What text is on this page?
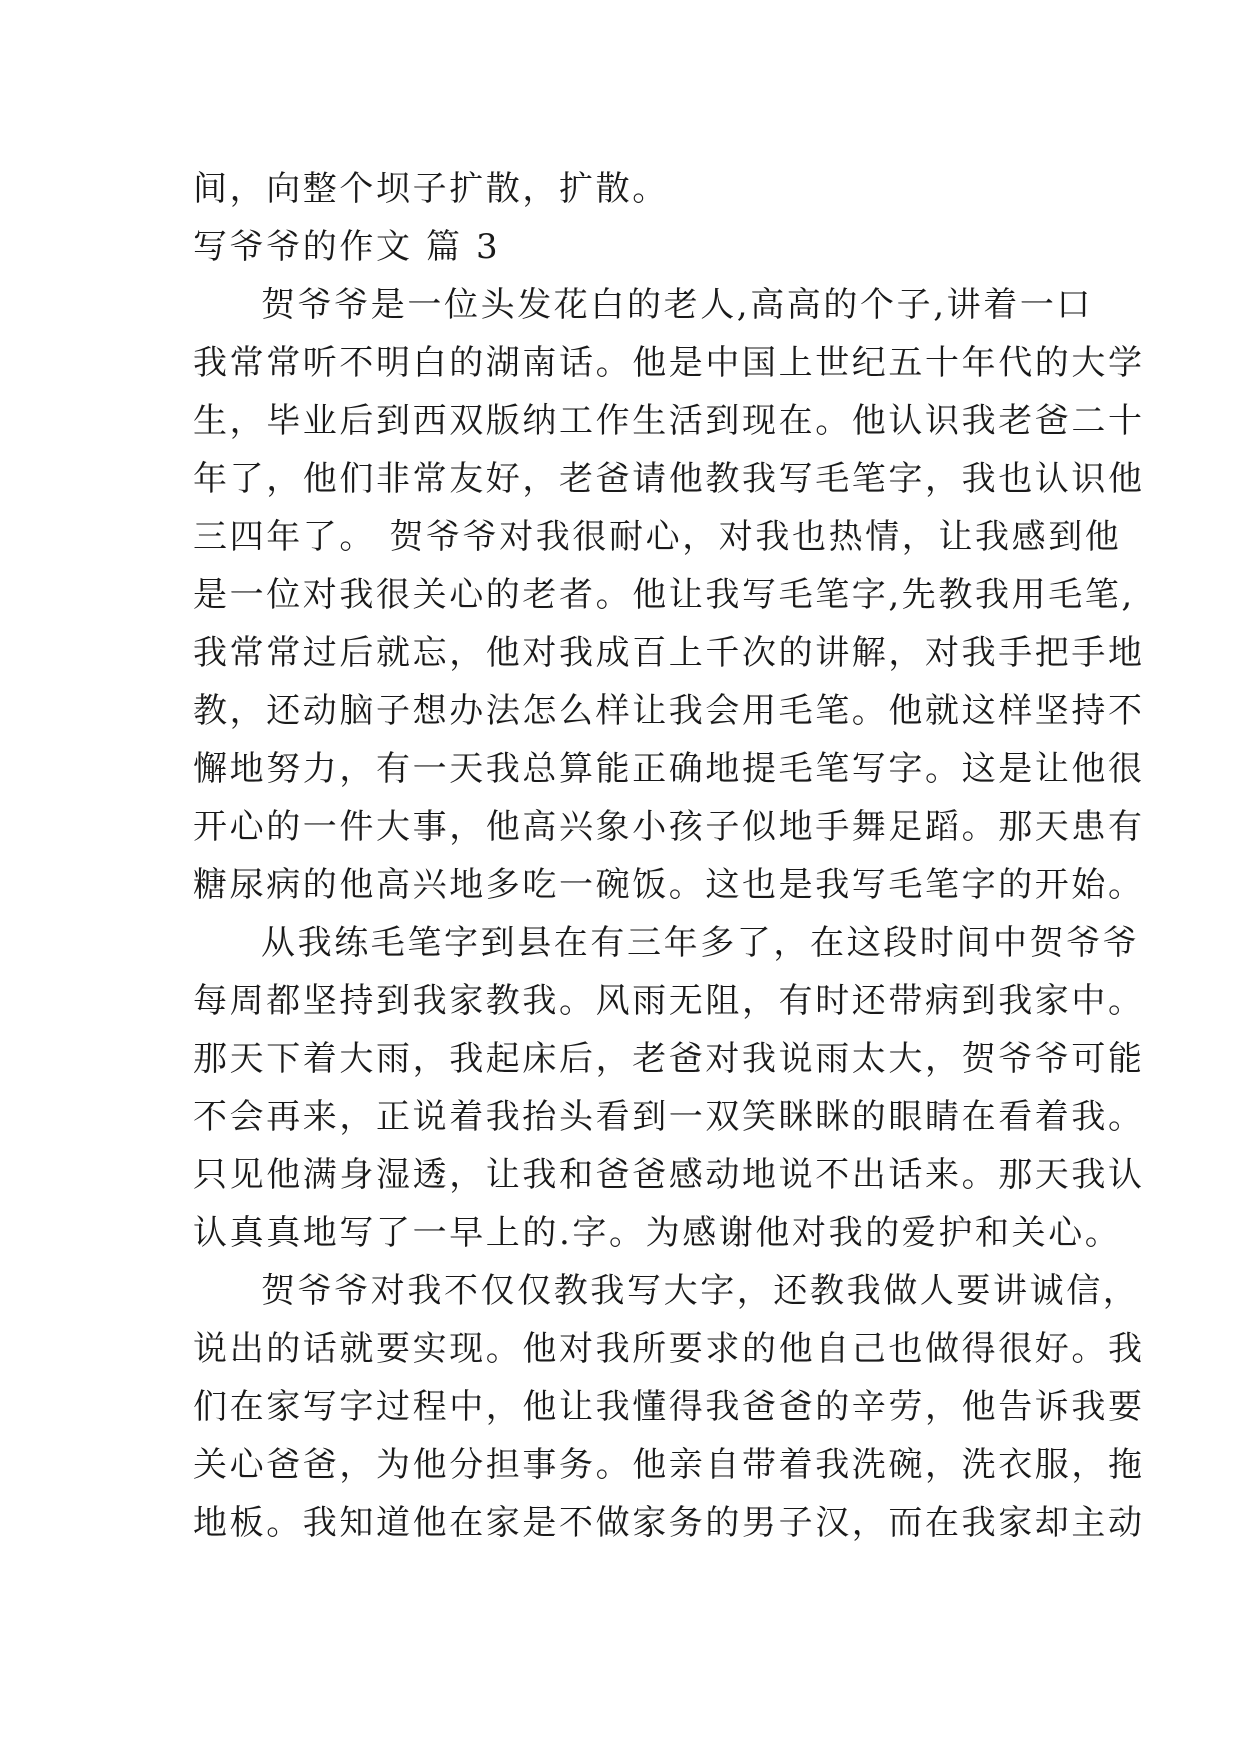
间，向整个坝子扩散，扩散。
写爷爷的作文 篇 3
贺爷爷是一位头发花白的老人,高高的个子,讲着一口
我常常听不明白的湖南话。他是中国上世纪五十年代的大学
生，毕业后到西双版纳工作生活到现在。他认识我老爸二十
年了，他们非常友好，老爸请他教我写毛笔字，我也认识他
三四年了。 贺爷爷对我很耐心，对我也热情，让我感到他
是一位对我很关心的老者。他让我写毛笔字,先教我用毛笔,
我常常过后就忘，他对我成百上千次的讲解，对我手把手地
教，还动脑子想办法怎么样让我会用毛笔。他就这样坚持不
懈地努力，有一天我总算能正确地提毛笔写字。这是让他很
开心的一件大事，他高兴象小孩子似地手舞足蹈。那天患有
糖尿病的他高兴地多吃一碗饭。这也是我写毛笔字的开始。
从我练毛笔字到县在有三年多了，在这段时间中贺爷爷
每周都坚持到我家教我。风雨无阻，有时还带病到我家中。
那天下着大雨，我起床后，老爸对我说雨太大，贺爷爷可能
不会再来，正说着我抬头看到一双笑眯眯的眼睛在看着我。
只见他满身湿透，让我和爸爸感动地说不出话来。那天我认
认真真地写了一早上的.字。为感谢他对我的爱护和关心。
贺爷爷对我不仅仅教我写大字，还教我做人要讲诚信，
说出的话就要实现。他对我所要求的他自己也做得很好。我
们在家写字过程中，他让我懂得我爸爸的辛劳，他告诉我要
关心爸爸，为他分担事务。他亲自带着我洗碗，洗衣服，拖
地板。我知道他在家是不做家务的男子汉，而在我家却主动
